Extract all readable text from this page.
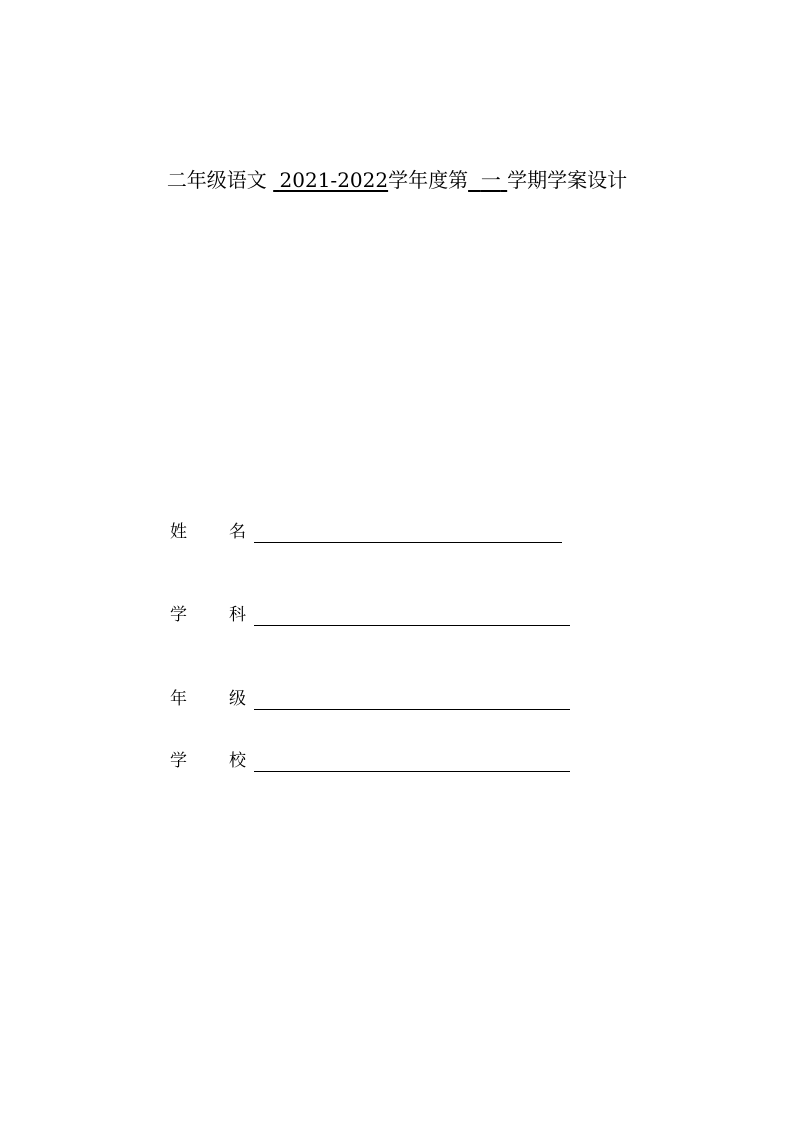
二年级语文  2021-2022学年度第 一 学期学案设计
姓 名
学 科
年 级
学 校
